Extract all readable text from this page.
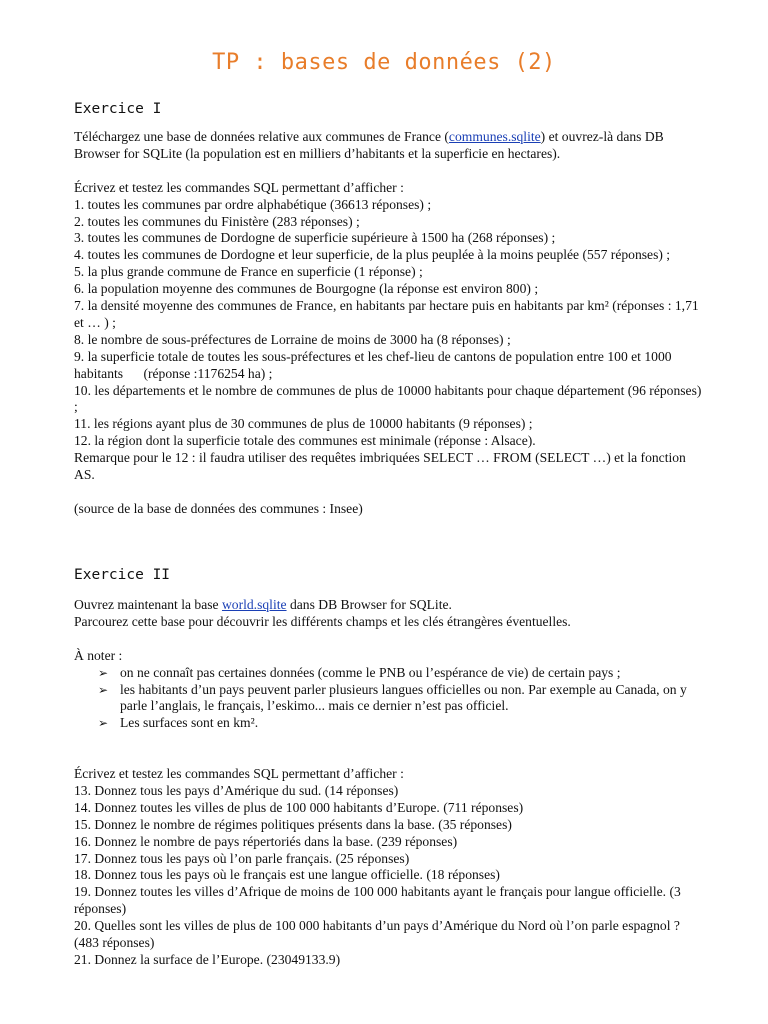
TP : bases de données (2)
Exercice I

Téléchargez une base de données relative aux communes de France (communes.sqlite) et ouvrez-là dans DB Browser for SQLite (la population est en milliers d’habitants et la superficie en hectares).

Écrivez et testez les commandes SQL permettant d’afficher :

1. toutes les communes par ordre alphabétique (36613 réponses) ;

2. toutes les communes du Finistère (283 réponses) ;

3. toutes les communes de Dordogne de superficie supérieure à 1500 ha (268 réponses) ;

4. toutes les communes de Dordogne et leur superficie, de la plus peuplée à la moins peuplée (557 réponses) ;

5. la plus grande commune de France en superficie (1 réponse) ;

6. la population moyenne des communes de Bourgogne (la réponse est environ 800) ;

7. la densité moyenne des communes de France, en habitants par hectare puis en habitants par km² (réponses : 1,71 et … ) ;

8. le nombre de sous-préfectures de Lorraine de moins de 3000 ha (8 réponses) ;

9. la superficie totale de toutes les sous-préfectures et les chef-lieu de cantons de population entre 100 et 1000 habitants      (réponse :1176254 ha) ;

10. les départements et le nombre de communes de plus de 10000 habitants pour chaque département (96 réponses) ;

11. les régions ayant plus de 30 communes de plus de 10000 habitants (9 réponses) ;

12. la région dont la superficie totale des communes est minimale (réponse : Alsace).

Remarque pour le 12 : il faudra utiliser des requêtes imbriquées SELECT … FROM (SELECT …) et la fonction AS.

(source de la base de données des communes : Insee)

Exercice II

Ouvrez maintenant la base world.sqlite dans DB Browser for SQLite.

Parcourez cette base pour découvrir les différents champs et les clés étrangères éventuelles.

À noter :

➢ on ne connaît pas certaines données (comme le PNB ou l’espérance de vie) de certain pays ;
➢ les habitants d’un pays peuvent parler plusieurs langues officielles ou non. Par exemple au Canada, on y parle l’anglais, le français, l’eskimo... mais ce dernier n’est pas officiel.
➢ Les surfaces sont en km².

Écrivez et testez les commandes SQL permettant d’afficher :

13. Donnez tous les pays d’Amérique du sud. (14 réponses)

14. Donnez toutes les villes de plus de 100 000 habitants d’Europe. (711 réponses)

15. Donnez le nombre de régimes politiques présents dans la base. (35 réponses)

16. Donnez le nombre de pays répertoriés dans la base. (239 réponses)

17. Donnez tous les pays où l’on parle français. (25 réponses)

18. Donnez tous les pays où le français est une langue officielle. (18 réponses)

19. Donnez toutes les villes d’Afrique de moins de 100 000 habitants ayant le français pour langue officielle. (3 réponses)

20. Quelles sont les villes de plus de 100 000 habitants d’un pays d’Amérique du Nord où l’on parle espagnol ? (483 réponses)

21. Donnez la surface de l’Europe. (23049133.9)
